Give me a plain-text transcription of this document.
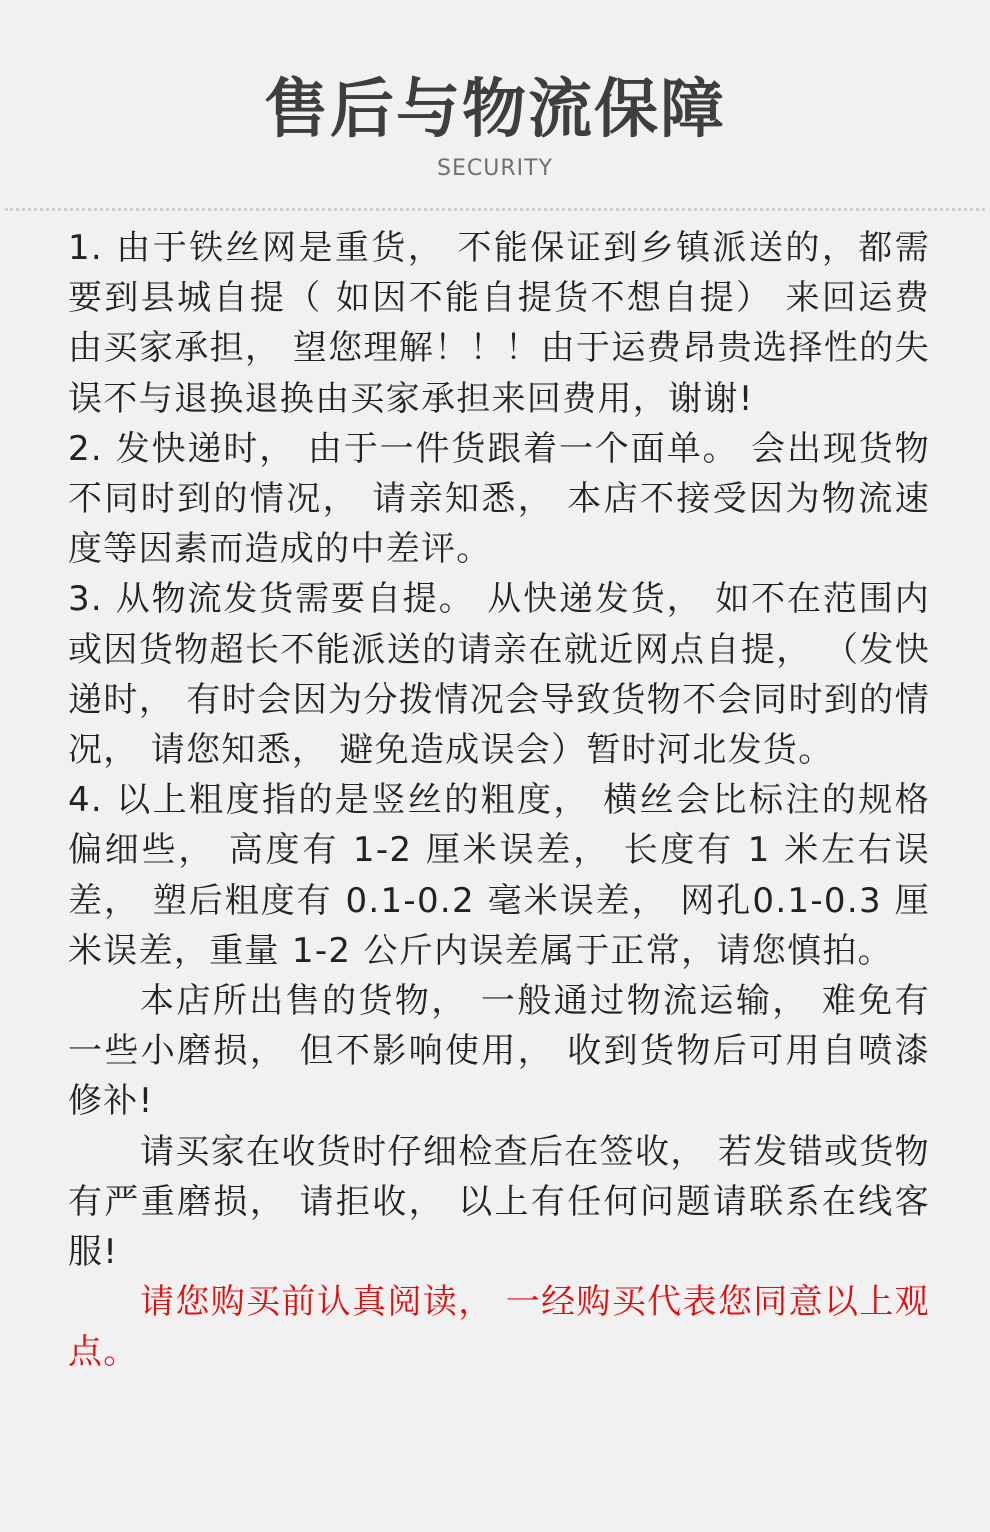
售后与物流保障
SECURITY

1. 由于铁丝网是重货， 不能保证到乡镇派送的，都需要到县城自提（ 如因不能自提货不想自提） 来回运费由买家承担， 望您理解！！！由于运费昂贵选择性的失误不与退换退换由买家承担来回费用，谢谢!

2. 发快递时， 由于一件货跟着一个面单。 会出现货物不同时到的情况， 请亲知悉， 本店不接受因为物流速度等因素而造成的中差评。

3. 从物流发货需要自提。 从快递发货， 如不在范围内或因货物超长不能派送的请亲在就近网点自提， （发快递时， 有时会因为分拨情况会导致货物不会同时到的情况， 请您知悉， 避免造成误会）暂时河北发货。

4. 以上粗度指的是竖丝的粗度， 横丝会比标注的规格偏细些， 高度有 1-2 厘米误差， 长度有 1 米左右误差， 塑后粗度有 0.1-0.2 毫米误差， 网孔0.1-0.3 厘米误差，重量 1-2 公斤内误差属于正常，请您慎拍。

本店所出售的货物， 一般通过物流运输， 难免有一些小磨损， 但不影响使用， 收到货物后可用自喷漆修补!

请买家在收货时仔细检查后在签收， 若发错或货物有严重磨损， 请拒收， 以上有任何问题请联系在线客服!

请您购买前认真阅读， 一经购买代表您同意以上观点。
